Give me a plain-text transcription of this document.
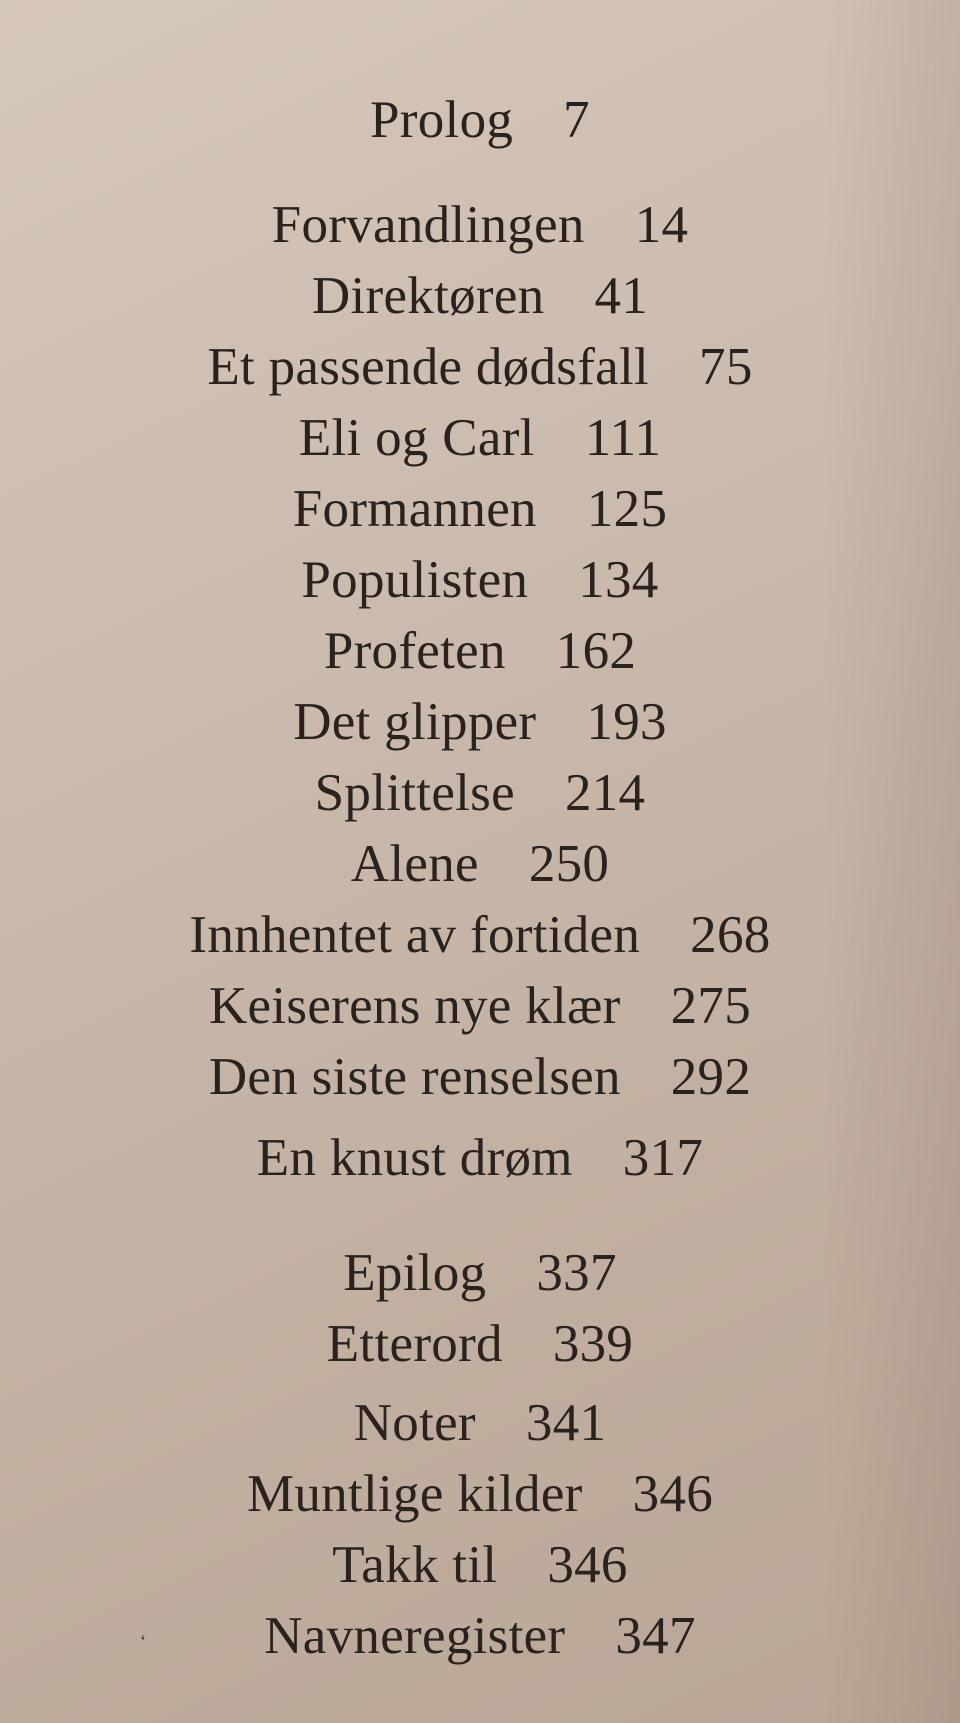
Prolog 7
Forvandlingen 14
Direktøren 41
Et passende dødsfall 75
Eli og Carl 111
Formannen 125
Populisten 134
Profeten 162
Det glipper 193
Splittelse 214
Alene 250
Innhentet av fortiden 268
Keiserens nye klær 275
Den siste renselsen 292
En knust drøm 317
Epilog 337
Etterord 339
Noter 341
Muntlige kilder 346
Takk til 346
Navneregister 347
‘
